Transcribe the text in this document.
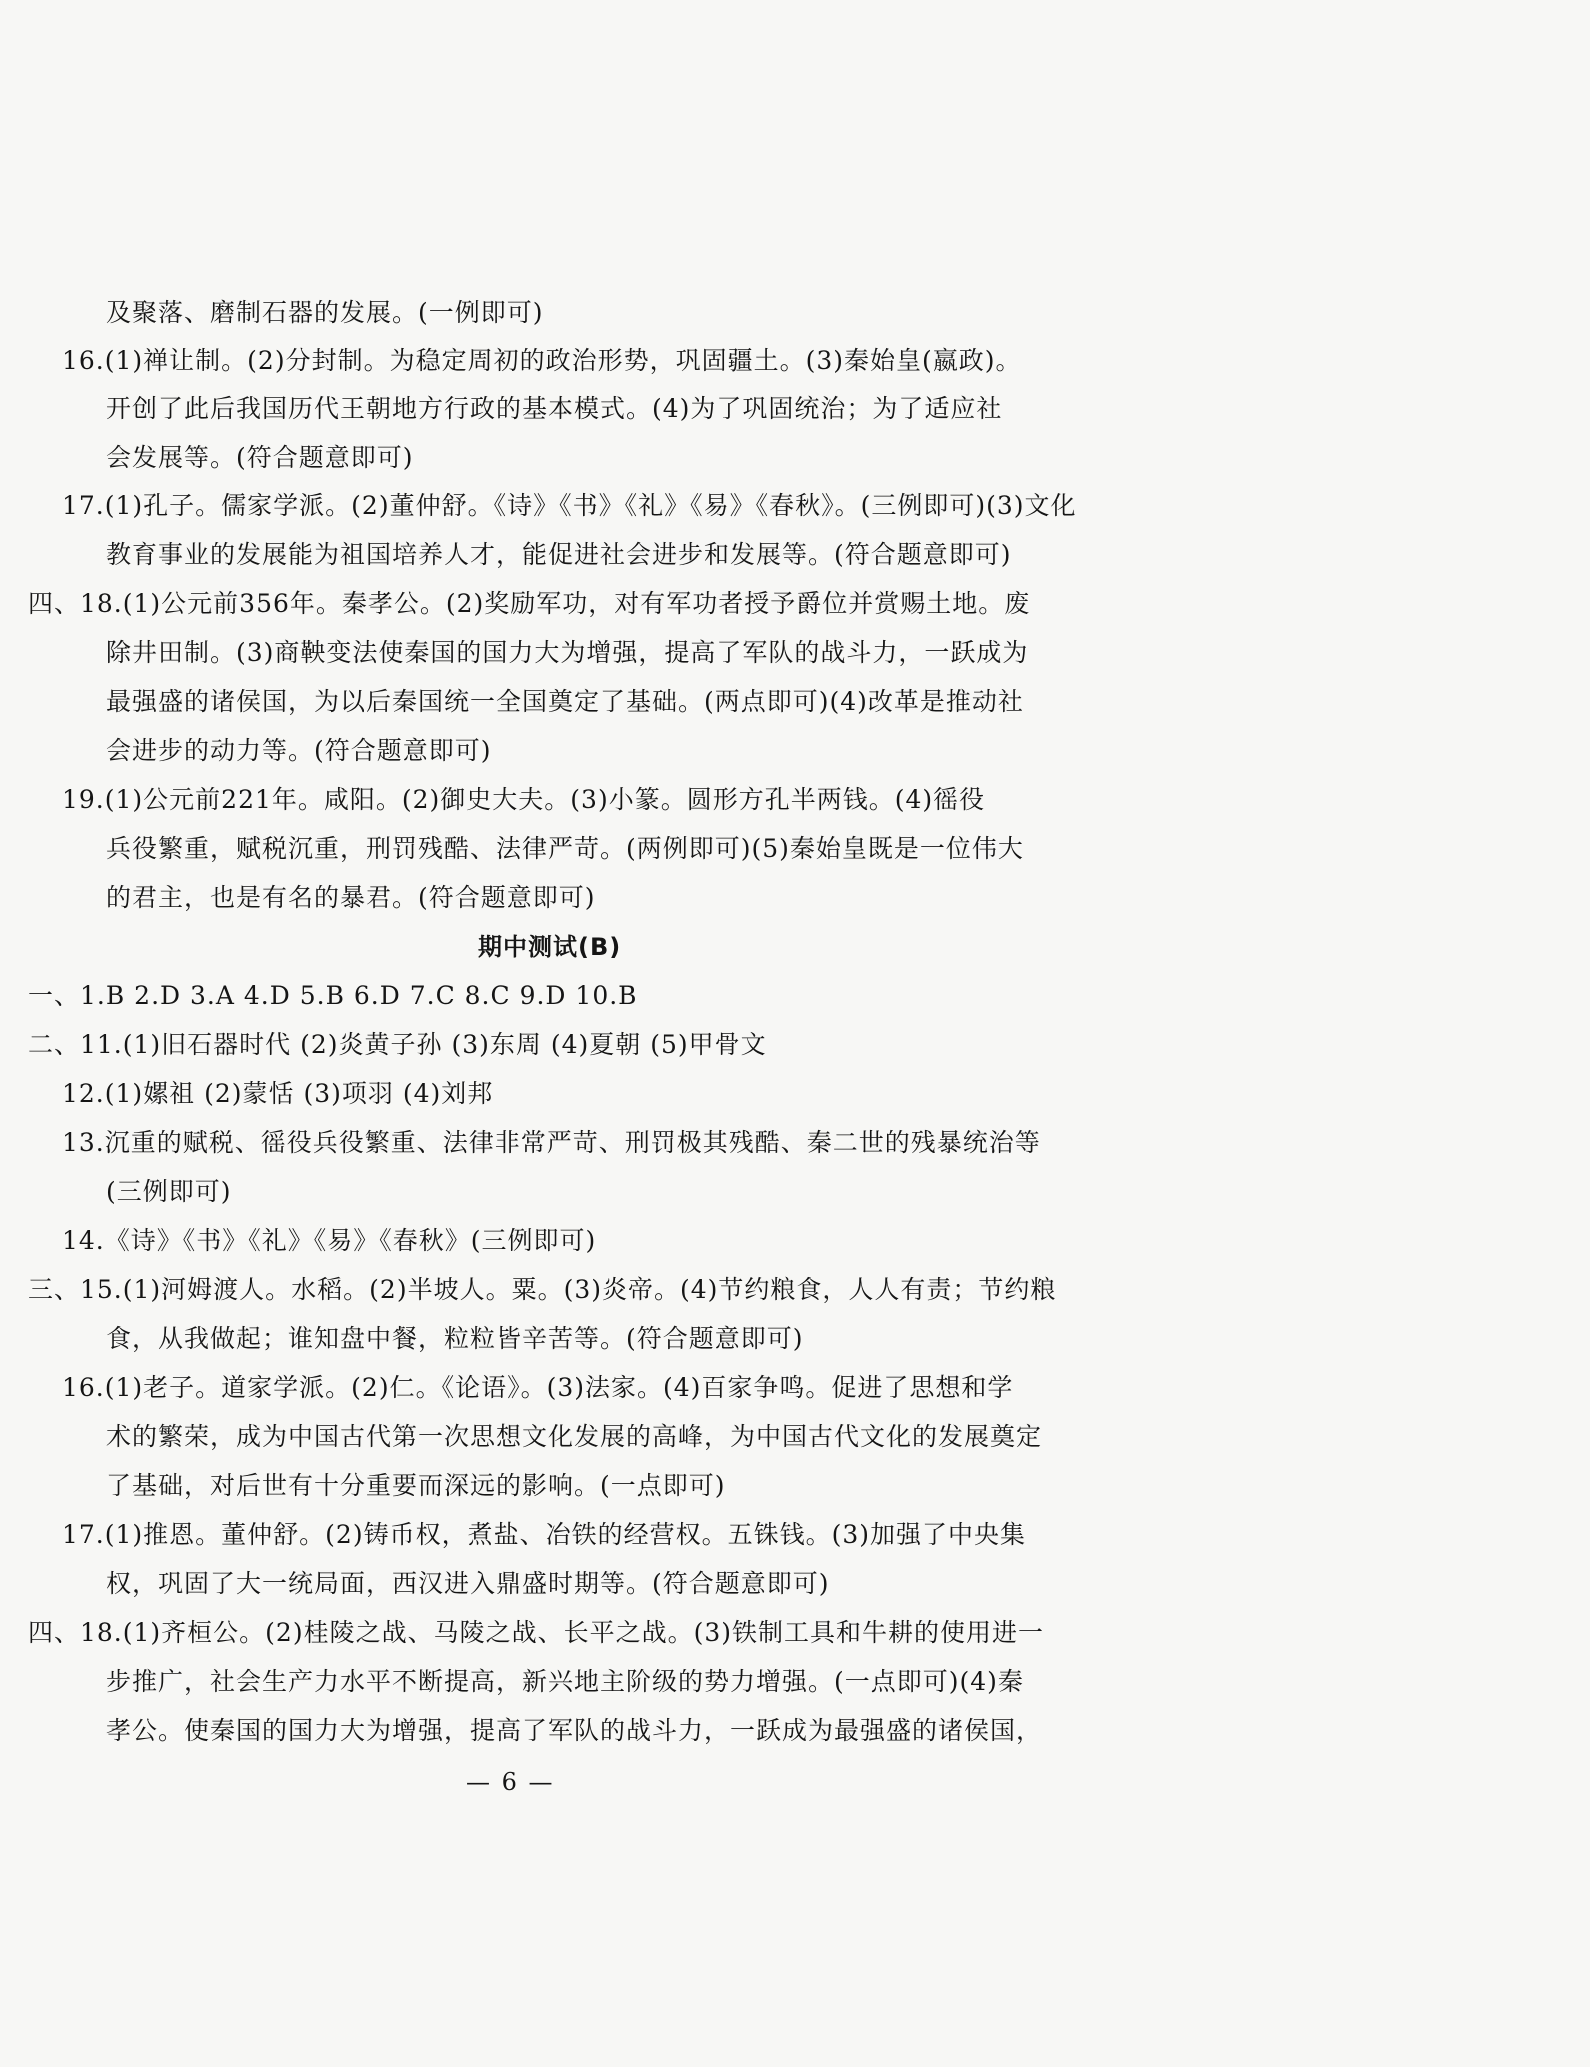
及聚落、磨制石器的发展。(一例即可)
16.(1)禅让制。(2)分封制。为稳定周初的政治形势，巩固疆土。(3)秦始皇(嬴政)。
开创了此后我国历代王朝地方行政的基本模式。(4)为了巩固统治；为了适应社
会发展等。(符合题意即可)
17.(1)孔子。儒家学派。(2)董仲舒。《诗》《书》《礼》《易》《春秋》。(三例即可)(3)文化
教育事业的发展能为祖国培养人才，能促进社会进步和发展等。(符合题意即可)
四、18.(1)公元前356年。秦孝公。(2)奖励军功，对有军功者授予爵位并赏赐土地。废
除井田制。(3)商鞅变法使秦国的国力大为增强，提高了军队的战斗力，一跃成为
最强盛的诸侯国，为以后秦国统一全国奠定了基础。(两点即可)(4)改革是推动社
会进步的动力等。(符合题意即可)
19.(1)公元前221年。咸阳。(2)御史大夫。(3)小篆。圆形方孔半两钱。(4)徭役
兵役繁重，赋税沉重，刑罚残酷、法律严苛。(两例即可)(5)秦始皇既是一位伟大
的君主，也是有名的暴君。(符合题意即可)
期中测试(B)
一、1.B 2.D 3.A 4.D 5.B 6.D 7.C 8.C 9.D 10.B
二、11.(1)旧石器时代 (2)炎黄子孙 (3)东周 (4)夏朝 (5)甲骨文
12.(1)嫘祖 (2)蒙恬 (3)项羽 (4)刘邦
13.沉重的赋税、徭役兵役繁重、法律非常严苛、刑罚极其残酷、秦二世的残暴统治等
(三例即可)
14.《诗》《书》《礼》《易》《春秋》(三例即可)
三、15.(1)河姆渡人。水稻。(2)半坡人。粟。(3)炎帝。(4)节约粮食，人人有责；节约粮
食，从我做起；谁知盘中餐，粒粒皆辛苦等。(符合题意即可)
16.(1)老子。道家学派。(2)仁。《论语》。(3)法家。(4)百家争鸣。促进了思想和学
术的繁荣，成为中国古代第一次思想文化发展的高峰，为中国古代文化的发展奠定
了基础，对后世有十分重要而深远的影响。(一点即可)
17.(1)推恩。董仲舒。(2)铸币权，煮盐、冶铁的经营权。五铢钱。(3)加强了中央集
权，巩固了大一统局面，西汉进入鼎盛时期等。(符合题意即可)
四、18.(1)齐桓公。(2)桂陵之战、马陵之战、长平之战。(3)铁制工具和牛耕的使用进一
步推广，社会生产力水平不断提高，新兴地主阶级的势力增强。(一点即可)(4)秦
孝公。使秦国的国力大为增强，提高了军队的战斗力，一跃成为最强盛的诸侯国，
— 6 —
